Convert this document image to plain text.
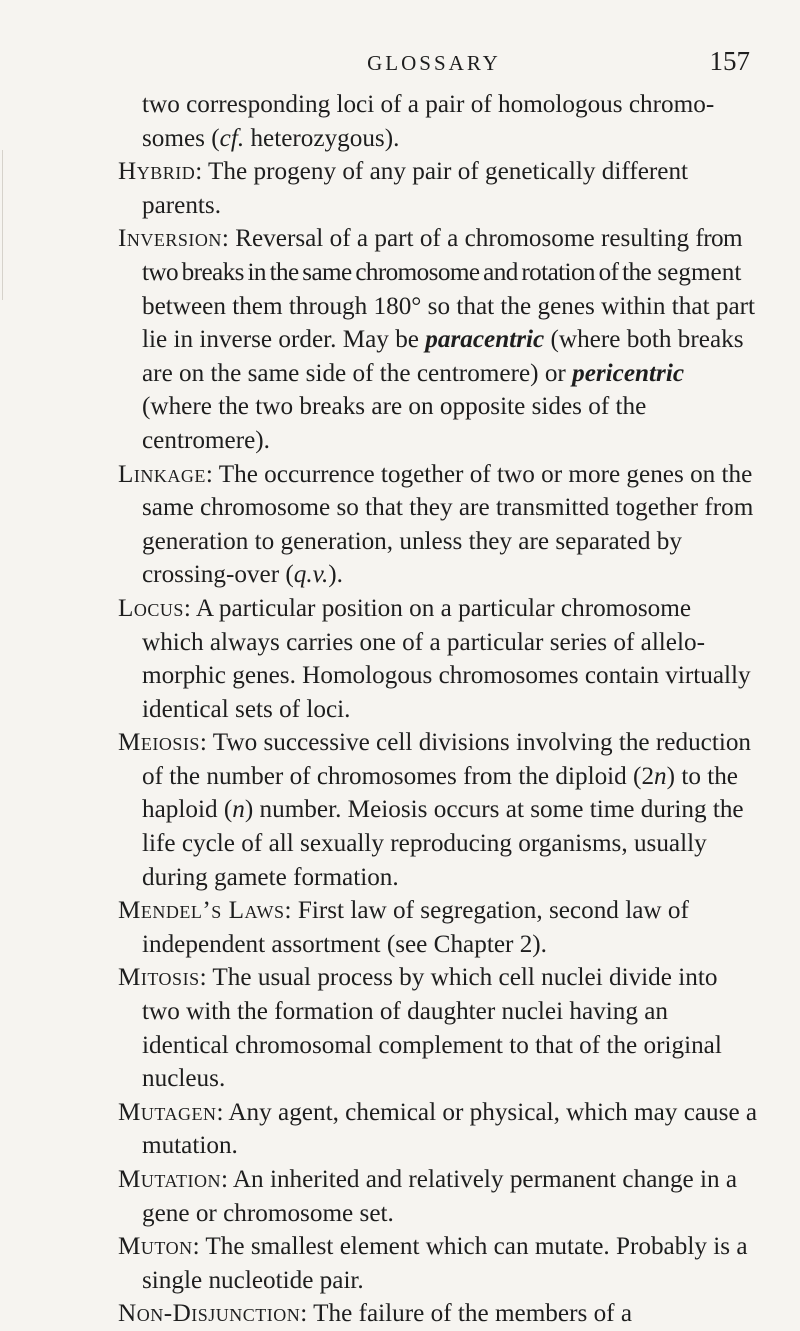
GLOSSARY	157

two corresponding loci of a pair of homologous chromosomes (cf. heterozygous).

Hybrid: The progeny of any pair of genetically different parents.

Inversion: Reversal of a part of a chromosome resulting from two breaks in the same chromosome and rotation of the segment between them through 180° so that the genes within that part lie in inverse order. May be paracentric (where both breaks are on the same side of the centromere) or pericentric (where the two breaks are on opposite sides of the centromere).

Linkage: The occurrence together of two or more genes on the same chromosome so that they are transmitted together from generation to generation, unless they are separated by crossing-over (q.v.).

Locus: A particular position on a particular chromosome which always carries one of a particular series of allelomorphic genes. Homologous chromosomes contain virtually identical sets of loci.

Meiosis: Two successive cell divisions involving the reduction of the number of chromosomes from the diploid (2n) to the haploid (n) number. Meiosis occurs at some time during the life cycle of all sexually reproducing organisms, usually during gamete formation.

Mendel’s Laws: First law of segregation, second law of independent assortment (see Chapter 2).

Mitosis: The usual process by which cell nuclei divide into two with the formation of daughter nuclei having an identical chromosomal complement to that of the original nucleus.

Mutagen: Any agent, chemical or physical, which may cause a mutation.

Mutation: An inherited and relatively permanent change in a gene or chromosome set.

Muton: The smallest element which can mutate. Probably is a single nucleotide pair.

Non-Disjunction: The failure of the members of a
